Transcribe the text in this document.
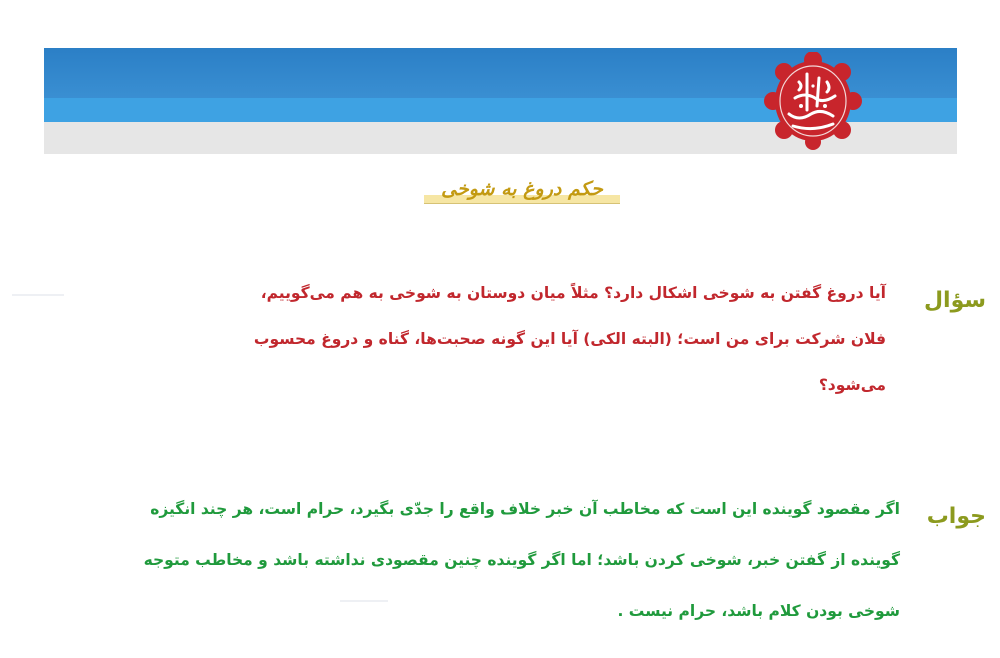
حکم دروغ به شوخی
سؤال
آیا دروغ گفتن به شوخی اشکال دارد؟ مثلاً میان دوستان به شوخی به هم می‌گوییم،
فلان شرکت برای من است؛ (البته الکی) آیا این گونه صحبت‌ها، گناه و دروغ محسوب
می‌شود؟
جواب
اگر مقصود گوینده این است که مخاطب آن خبر خلاف واقع را جدّی بگیرد، حرام است، هر چند انگیزه
گوینده از گفتن خبر، شوخی کردن باشد؛ اما اگر گوینده چنین مقصودی نداشته باشد و مخاطب متوجه
شوخی بودن کلام باشد، حرام نیست .
